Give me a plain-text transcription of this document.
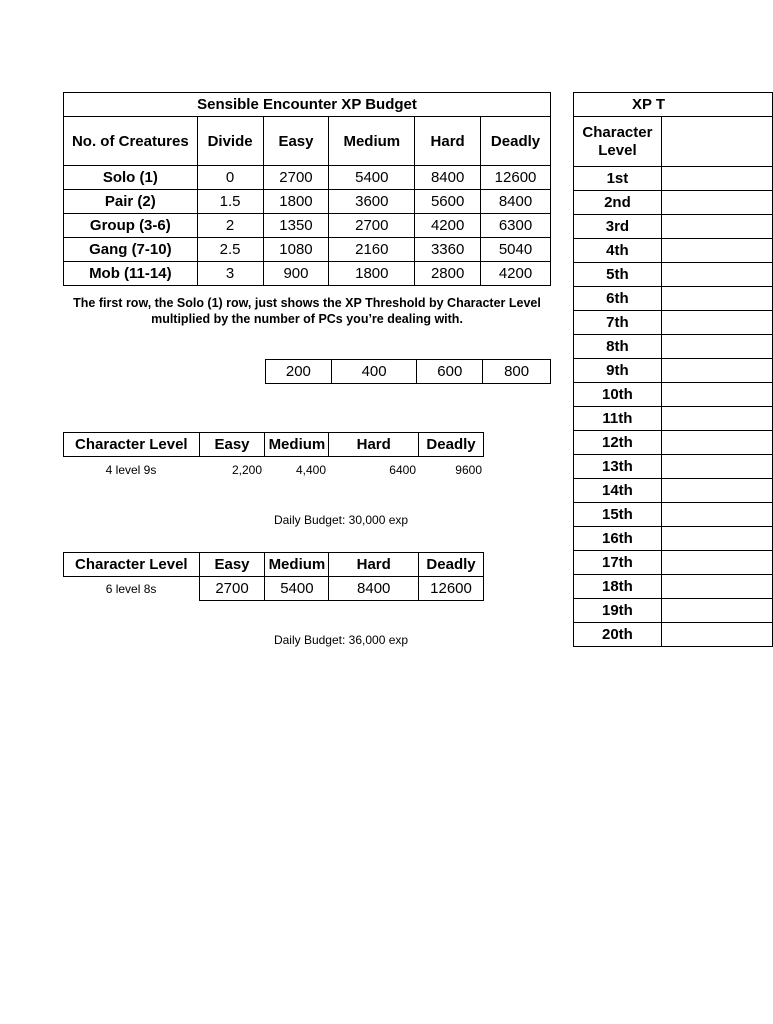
Sensible Encounter XP Budget					
No. of Creatures	Divide	Easy	Medium	Hard	Deadly
Solo (1)	0	2700	5400	8400	12600
Pair (2)	1.5	1800	3600	5600	8400
Group (3-6)	2	1350	2700	4200	6300
Gang (7-10)	2.5	1080	2160	3360	5040
Mob (11-14)	3	900	1800	2800	4200
The first row, the Solo (1) row, just shows the XP Threshold by Character Level
multiplied by the number of PCs you’re dealing with.
200	400	600	800
Character Level	Easy	Medium	Hard	Deadly
4 level 9s	2,200	4,400	6400	9600
Daily Budget: 30,000 exp
Character Level	Easy	Medium	Hard	Deadly
6 level 8s	2700	5400	8400	12600
Daily Budget: 36,000 exp
XP T	

Character
Level	

1st	
2nd	
3rd	
4th	
5th	
6th	
7th	
8th	
9th	
10th	
11th	
12th	
13th	
14th	
15th	
16th	
17th	
18th	
19th	
20th	
